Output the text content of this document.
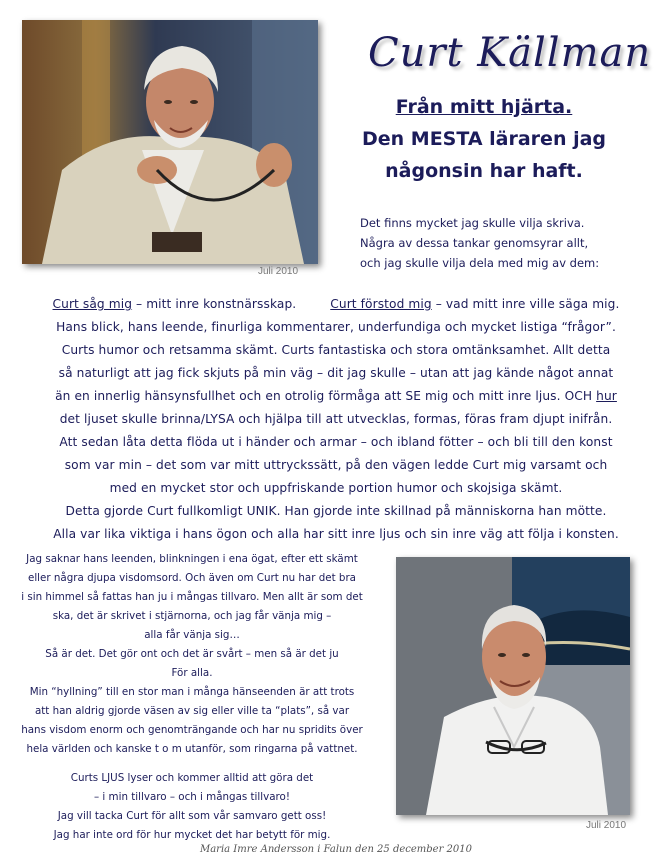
Juli 2010
Curt Källman
Från mitt hjärta.
Den MESTA läraren jag
någonsin har haft.
Det finns mycket jag skulle vilja skriva.
Några av dessa tankar genomsyrar allt,
och jag skulle vilja dela med mig av dem:
Curt såg mig – mitt inre konstnärsskap.	Curt förstod mig – vad mitt inre ville säga mig.
Hans blick, hans leende, finurliga kommentarer, underfundiga och mycket listiga “frågor”.
Curts humor och retsamma skämt. Curts fantastiska och stora omtänksamhet. Allt detta
så naturligt att jag fick skjuts på min väg – dit jag skulle – utan att jag kände något annat
än en innerlig hänsynsfullhet och en otrolig förmåga att SE mig och mitt inre ljus. OCH hur
det ljuset skulle brinna/LYSA och hjälpa till att utvecklas, formas, föras fram djupt inifrån.
Att sedan låta detta flöda ut i händer och armar – och ibland fötter – och bli till den konst
som var min – det som var mitt uttryckssätt, på den vägen ledde Curt mig varsamt och
med en mycket stor och uppfriskande portion humor och skojsiga skämt.
Detta gjorde Curt fullkomligt UNIK. Han gjorde inte skillnad på människorna han mötte.
Alla var lika viktiga i hans ögon och alla har sitt inre ljus och sin inre väg att följa i konsten.
Jag saknar hans leenden, blinkningen i ena ögat, efter ett skämt
eller några djupa visdomsord. Och även om Curt nu har det bra
i sin himmel så fattas han ju i mångas tillvaro. Men allt är som det
ska, det är skrivet i stjärnorna, och jag får vänja mig –
alla får vänja sig…
Så är det. Det gör ont och det är svårt – men så är det ju
För alla.
Min “hyllning” till en stor man i många hänseenden är att trots
att han aldrig gjorde väsen av sig eller ville ta “plats”, så var
hans visdom enorm och genomträngande och har nu spridits över
hela världen och kanske t o m utanför, som ringarna på vattnet.
Curts LJUS lyser och kommer alltid att göra det
– i min tillvaro – och i mångas tillvaro!
Jag vill tacka Curt för allt som vår samvaro gett oss!
Jag har inte ord för hur mycket det har betytt för mig.
Juli 2010
Maria Imre Andersson i Falun den 25 december 2010
